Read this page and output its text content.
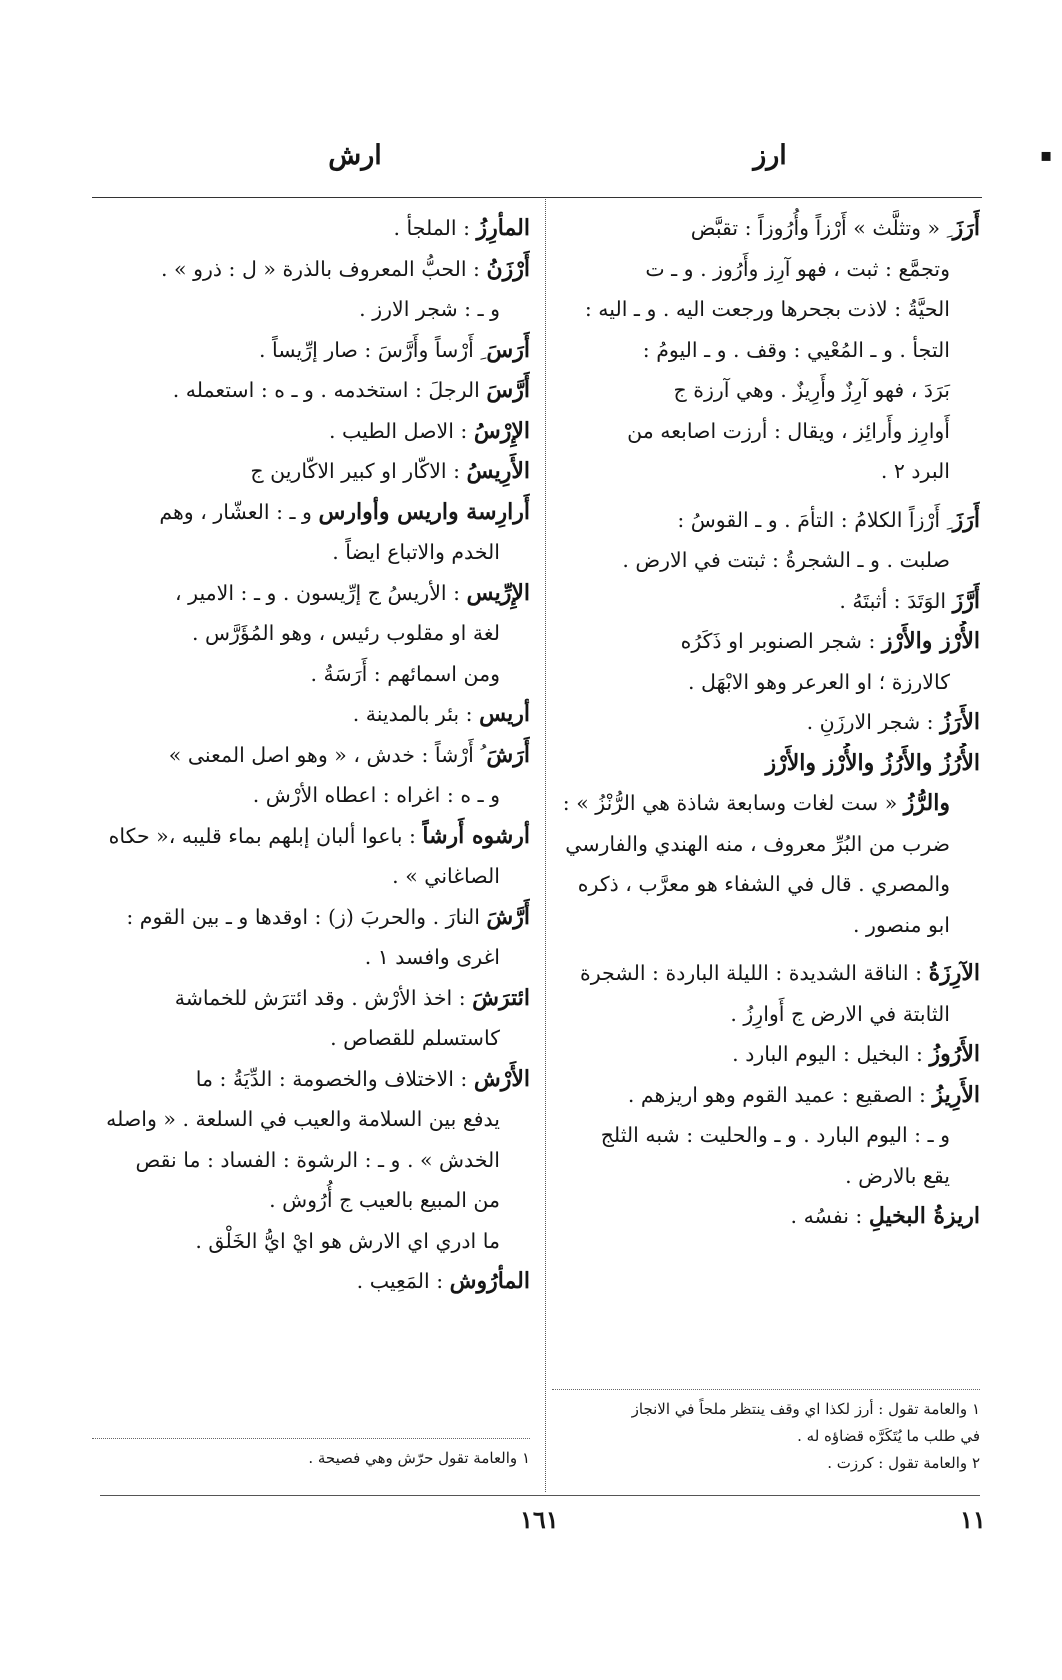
▪
ارز
ارش
أَرَزَ ِ « وتثلَّث » أَرْزاً وأُرُوزاً : تقبَّض
وتجمَّع : ثبت ، فهو آرِز وأَرُوز . و ـ ت
الحيَّةُ : لاذت بجحرها ورجعت اليه . و ـ اليه :
التجأ . و ـ المُعْيي : وقف . و ـ اليومُ :
بَرَدَ ، فهو آرِزٌ وأَرِيزٌ . وهي آرزة ج
أَوارِز وأَرائِز ، ويقال : أرزت اصابعه من
البرد ٢ .
أَرَزَ ِ أَرْزاً الكلامُ : التأمَ . و ـ القوسُ :
صلبت . و ـ الشجرةُ : ثبتت في الارض .
أَرَّزَ الوَتَدَ : أثبتَهُ .
الأُرْز والأَرْز : شجر الصنوبر او ذَكَرُه
كالارزة ؛ او العرعر وهو الابْهَل .
الأَرَزُ : شجر الارزَنِ .
الأُرُزُ والأَرُزُ والأُرْز والأَرْز
والرُّزُ « ست لغات وسابعة شاذة هي الرُّنْزُ » :
ضرب من البُرِّ معروف ، منه الهندي والفارسي
والمصري . قال في الشفاء هو معرَّب ، ذكره
ابو منصور .
الآرِزَةُ : الناقة الشديدة : الليلة الباردة : الشجرة
الثابتة في الارض ج أَوارِزُ .
الأَرُوزُ : البخيل : اليوم البارد .
الأَرِيزُ : الصقيع : عميد القوم وهو اريزهم .
و ـ : اليوم البارد . و ـ والحليت : شبه الثلج
يقع بالارض .
اريزةُ البخيلِ : نفسُه .
المأرِزُ : الملجأ .
أَرْزَنُ : الحبُّ المعروف بالذرة « ل : ذرو » .
و ـ : شجر الارز .
أَرَسَ ِ أَرْساً وأَرَّسَ : صار إرِّيساً .
أَرَّسَ الرجلَ : استخدمه . و ـ ه : استعمله .
الإِرْسُ : الاصل الطيب .
الأَرِيسُ : الاكّار او كبير الاكّارين ج
أَرارِسة واريس وأوارس و ـ : العشّار ، وهم
الخدم والاتباع ايضاً .
الإِرِّيس : الأريسُ ج إرِّيسون . و ـ : الامير ،
لغة او مقلوب رئيس ، وهو المُؤَرَّس .
ومن اسمائهم : أَرَسَةُ .
أريس : بئر بالمدينة .
أَرَشَ ُ أَرْشاً : خدش ، « وهو اصل المعنى »
و ـ ه : اغراه : اعطاه الأرْش .
أرشوه أَرشاً : باعوا ألبان إبلهم بماء قليبه ،« حكاه
الصاغاني » .
أَرَّشَ النارَ . والحربَ (ز) : اوقدها و ـ بين القوم :
اغرى وافسد ١ .
ائترَشَ : اخذ الأرْش . وقد ائترَش للخماشة
كاستسلم للقصاص .
الأَرْش : الاختلاف والخصومة : الدِّيَةُ : ما
يدفع بين السلامة والعيب في السلعة . « واصله
الخدش » . و ـ : الرشوة : الفساد : ما نقص
من المبيع بالعيب ج أُرُوش .
ما ادري اي الارش هو ايْ ايُّ الخَلْق .
المأرُوش : المَعِيب .
١ والعامة تقول : أرز لكذا اي وقف ينتظر ملحاً في الانجاز
في طلب ما يُتَكَرَّه قضاؤه له .
٢ والعامة تقول : كرزت .
١ والعامة تقول حرّش وهي فصيحة .
١١
١٦١
